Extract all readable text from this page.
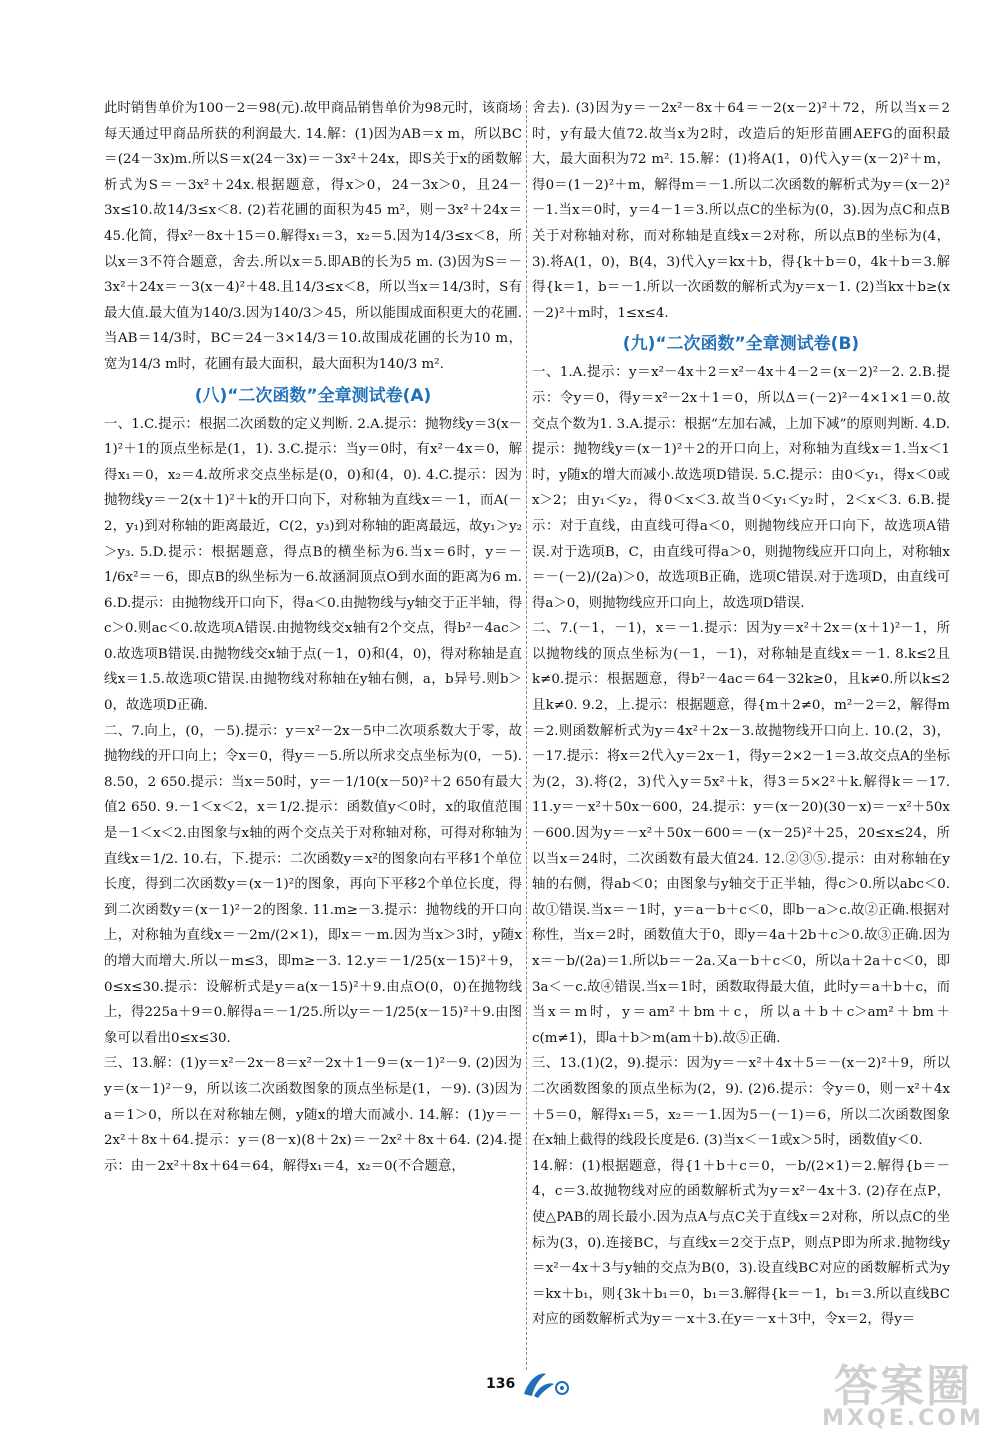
此时销售单价为100－2＝98(元).故甲商品销售单价为98元时，该商场每天通过甲商品所获的利润最大. 14.解：(1)因为AB＝x m，所以BC＝(24－3x)m.所以S＝x(24－3x)＝－3x²＋24x，即S关于x的函数解析式为S＝－3x²＋24x.根据题意，得x＞0，24－3x＞0，且24－3x≤10.故14/3≤x＜8. (2)若花圃的面积为45 m²，则－3x²＋24x＝45.化简，得x²－8x＋15＝0.解得x₁＝3，x₂＝5.因为14/3≤x＜8，所以x＝3不符合题意，舍去.所以x＝5.即AB的长为5 m. (3)因为S＝－3x²＋24x＝－3(x－4)²＋48.且14/3≤x＜8，所以当x＝14/3时，S有最大值.最大值为140/3.因为140/3＞45，所以能围成面积更大的花圃.当AB＝14/3时，BC＝24－3×14/3＝10.故围成花圃的长为10 m，宽为14/3 m时，花圃有最大面积，最大面积为140/3 m².

(八)“二次函数”全章测试卷(A)

一、1.C.提示：根据二次函数的定义判断. 2.A.提示：抛物线y＝3(x－1)²＋1的顶点坐标是(1，1). 3.C.提示：当y＝0时，有x²－4x＝0，解得x₁＝0，x₂＝4.故所求交点坐标是(0，0)和(4，0). 4.C.提示：因为抛物线y＝－2(x＋1)²＋k的开口向下，对称轴为直线x＝－1，而A(－2，y₁)到对称轴的距离最近，C(2，y₃)到对称轴的距离最远，故y₁＞y₂＞y₃. 5.D.提示：根据题意，得点B的横坐标为6.当x＝6时，y＝－1/6x²＝－6，即点B的纵坐标为－6.故涵洞顶点O到水面的距离为6 m. 6.D.提示：由抛物线开口向下，得a＜0.由抛物线与y轴交于正半轴，得c＞0.则ac＜0.故选项A错误.由抛物线交x轴有2个交点，得b²－4ac＞0.故选项B错误.由抛物线交x轴于点(－1，0)和(4，0)，得对称轴是直线x＝1.5.故选项C错误.由抛物线对称轴在y轴右侧，a，b异号.则b＞0，故选项D正确.

二、7.向上，(0，－5).提示：y＝x²－2x－5中二次项系数大于零，故抛物线的开口向上；令x＝0，得y＝－5.所以所求交点坐标为(0，－5). 8.50，2 650.提示：当x＝50时，y＝－1/10(x－50)²＋2 650有最大值2 650. 9.－1＜x＜2，x＝1/2.提示：函数值y＜0时，x的取值范围是－1＜x＜2.由图象与x轴的两个交点关于对称轴对称，可得对称轴为直线x＝1/2. 10.右，下.提示：二次函数y＝x²的图象向右平移1个单位长度，得到二次函数y＝(x－1)²的图象，再向下平移2个单位长度，得到二次函数y＝(x－1)²－2的图象. 11.m≥－3.提示：抛物线的开口向上，对称轴为直线x＝－2m/(2×1)，即x＝－m.因为当x＞3时，y随x的增大而增大.所以－m≤3，即m≥－3. 12.y＝－1/25(x－15)²＋9，0≤x≤30.提示：设解析式是y＝a(x－15)²＋9.由点O(0，0)在抛物线上，得225a＋9＝0.解得a＝－1/25.所以y＝－1/25(x－15)²＋9.由图象可以看出0≤x≤30.

三、13.解：(1)y＝x²－2x－8＝x²－2x＋1－9＝(x－1)²－9. (2)因为y＝(x－1)²－9，所以该二次函数图象的顶点坐标是(1，－9). (3)因为a＝1＞0，所以在对称轴左侧，y随x的增大而减小. 14.解：(1)y＝－2x²＋8x＋64.提示：y＝(8－x)(8＋2x)＝－2x²＋8x＋64. (2)4.提示：由－2x²＋8x＋64＝64，解得x₁＝4，x₂＝0(不合题意，

舍去). (3)因为y＝－2x²－8x＋64＝－2(x－2)²＋72，所以当x＝2时，y有最大值72.故当x为2时，改造后的矩形苗圃AEFG的面积最大，最大面积为72 m². 15.解：(1)将A(1，0)代入y＝(x－2)²＋m，得0＝(1－2)²＋m，解得m＝－1.所以二次函数的解析式为y＝(x－2)²－1.当x＝0时，y＝4－1＝3.所以点C的坐标为(0，3).因为点C和点B关于对称轴对称，而对称轴是直线x＝2对称，所以点B的坐标为(4，3).将A(1，0)，B(4，3)代入y＝kx＋b，得{k＋b＝0，4k＋b＝3.解得{k＝1，b＝－1.所以一次函数的解析式为y＝x－1. (2)当kx＋b≥(x－2)²＋m时，1≤x≤4.

(九)“二次函数”全章测试卷(B)

一、1.A.提示：y＝x²－4x＋2＝x²－4x＋4－2＝(x－2)²－2. 2.B.提示：令y＝0，得y＝x²－2x＋1＝0，所以Δ＝(－2)²－4×1×1＝0.故交点个数为1. 3.A.提示：根据“左加右减，上加下减”的原则判断. 4.D.提示：抛物线y＝(x－1)²＋2的开口向上，对称轴为直线x＝1.当x＜1时，y随x的增大而减小.故选项D错误. 5.C.提示：由0＜y₁，得x＜0或x＞2；由y₁＜y₂，得0＜x＜3.故当0＜y₁＜y₂时，2＜x＜3. 6.B.提示：对于直线，由直线可得a＜0，则抛物线应开口向下，故选项A错误.对于选项B，C，由直线可得a＞0，则抛物线应开口向上，对称轴x＝－(－2)/(2a)＞0，故选项B正确，选项C错误.对于选项D，由直线可得a＞0，则抛物线应开口向上，故选项D错误.

二、7.(－1，－1)，x＝－1.提示：因为y＝x²＋2x＝(x＋1)²－1，所以抛物线的顶点坐标为(－1，－1)，对称轴是直线x＝－1. 8.k≤2且k≠0.提示：根据题意，得b²－4ac＝64－32k≥0，且k≠0.所以k≤2且k≠0. 9.2，上.提示：根据题意，得{m＋2≠0，m²－2＝2，解得m＝2.则函数解析式为y＝4x²＋2x－3.故抛物线开口向上. 10.(2，3)，－17.提示：将x＝2代入y＝2x－1，得y＝2×2－1＝3.故交点A的坐标为(2，3).将(2，3)代入y＝5x²＋k，得3＝5×2²＋k.解得k＝－17. 11.y＝－x²＋50x－600，24.提示：y＝(x－20)(30－x)＝－x²＋50x－600.因为y＝－x²＋50x－600＝－(x－25)²＋25，20≤x≤24，所以当x＝24时，二次函数有最大值24. 12.②③⑤.提示：由对称轴在y轴的右侧，得ab＜0；由图象与y轴交于正半轴，得c＞0.所以abc＜0.故①错误.当x＝－1时，y＝a－b＋c＜0，即b－a＞c.故②正确.根据对称性，当x＝2时，函数值大于0，即y＝4a＋2b＋c＞0.故③正确.因为x＝－b/(2a)＝1.所以b＝－2a.又a－b＋c＜0，所以a＋2a＋c＜0，即3a＜－c.故④错误.当x＝1时，函数取得最大值，此时y＝a＋b＋c，而当x＝m时，y＝am²＋bm＋c，所以a＋b＋c＞am²＋bm＋c(m≠1)，即a＋b＞m(am＋b).故⑤正确.

三、13.(1)(2，9).提示：因为y＝－x²＋4x＋5＝－(x－2)²＋9，所以二次函数图象的顶点坐标为(2，9). (2)6.提示：令y＝0，则－x²＋4x＋5＝0，解得x₁＝5，x₂＝－1.因为5－(－1)＝6，所以二次函数图象在x轴上截得的线段长度是6. (3)当x＜－1或x＞5时，函数值y＜0.

14.解：(1)根据题意，得{1＋b＋c＝0，－b/(2×1)＝2.解得{b＝－4，c＝3.故抛物线对应的函数解析式为y＝x²－4x＋3. (2)存在点P，使△PAB的周长最小.因为点A与点C关于直线x＝2对称，所以点C的坐标为(3，0).连接BC，与直线x＝2交于点P，则点P即为所求.抛物线y＝x²－4x＋3与y轴的交点为B(0，3).设直线BC对应的函数解析式为y＝kx＋b₁，则{3k＋b₁＝0，b₁＝3.解得{k＝－1，b₁＝3.所以直线BC对应的函数解析式为y＝－x＋3.在y＝－x＋3中，令x＝2，得y＝

136	答案圈
MXQE.COM
